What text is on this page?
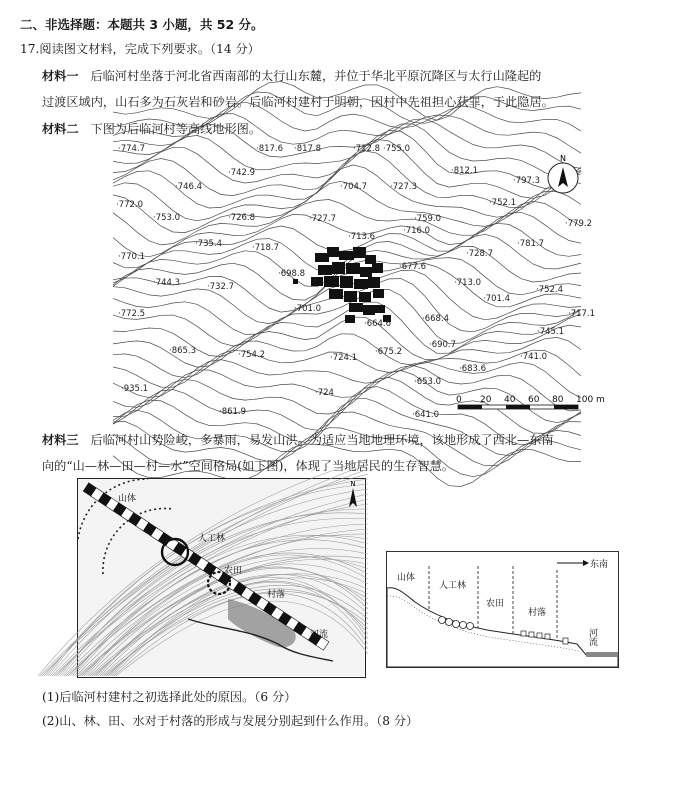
二、非选择题：本题共 3 小题，共 52 分。
17.阅读图文材料，完成下列要求。（14 分）
材料一 后临河村坐落于河北省西南部的太行山东麓，并位于华北平原沉降区与太行山隆起的
过渡区域内，山石多为石灰岩和砂岩。后临河村建村于明朝，因村中先祖担心获罪，于此隐居。
材料二 下图为后临河村等高线地形图。
·774.7	·817.6 ·817.8	·712.8 ·755.0
·812.1
·797.3
·742.9
·746.4	·704.7	·727.3
·752.1
·772.0
·753.0	·726.8	·727.7	·759.0	·779.2
·735.4
·713.6
·716.0
·728.7
·770.1
·718.7	·781.7
·744.3	·732.7
·698.8
·677.6
·713.0
·752.4
·701.4
·772.5	·701.0
·668.4	·717.1
·664.6
·745.1
·865.3	·754.2	·724.1
·675.2
·690.7
·741.0
·683.6
·935.1	·724
·653.0
·861.9	·641.0
N
0 20 40 60 80 100 m
材料三 后临河村山势险峻，多暴雨，易发山洪。为适应当地地理环境，该地形成了西北—东南
向的“山—林—田—村—水”空间格局(如下图)，体现了当地居民的生存智慧。
N
山体
人工林
农田
村落
河流
东南
山体
人工林
农田
村落
河流
(1)后临河村建村之初选择此处的原因。（6 分）
(2)山、林、田、水对于村落的形成与发展分别起到什么作用。（8 分）
